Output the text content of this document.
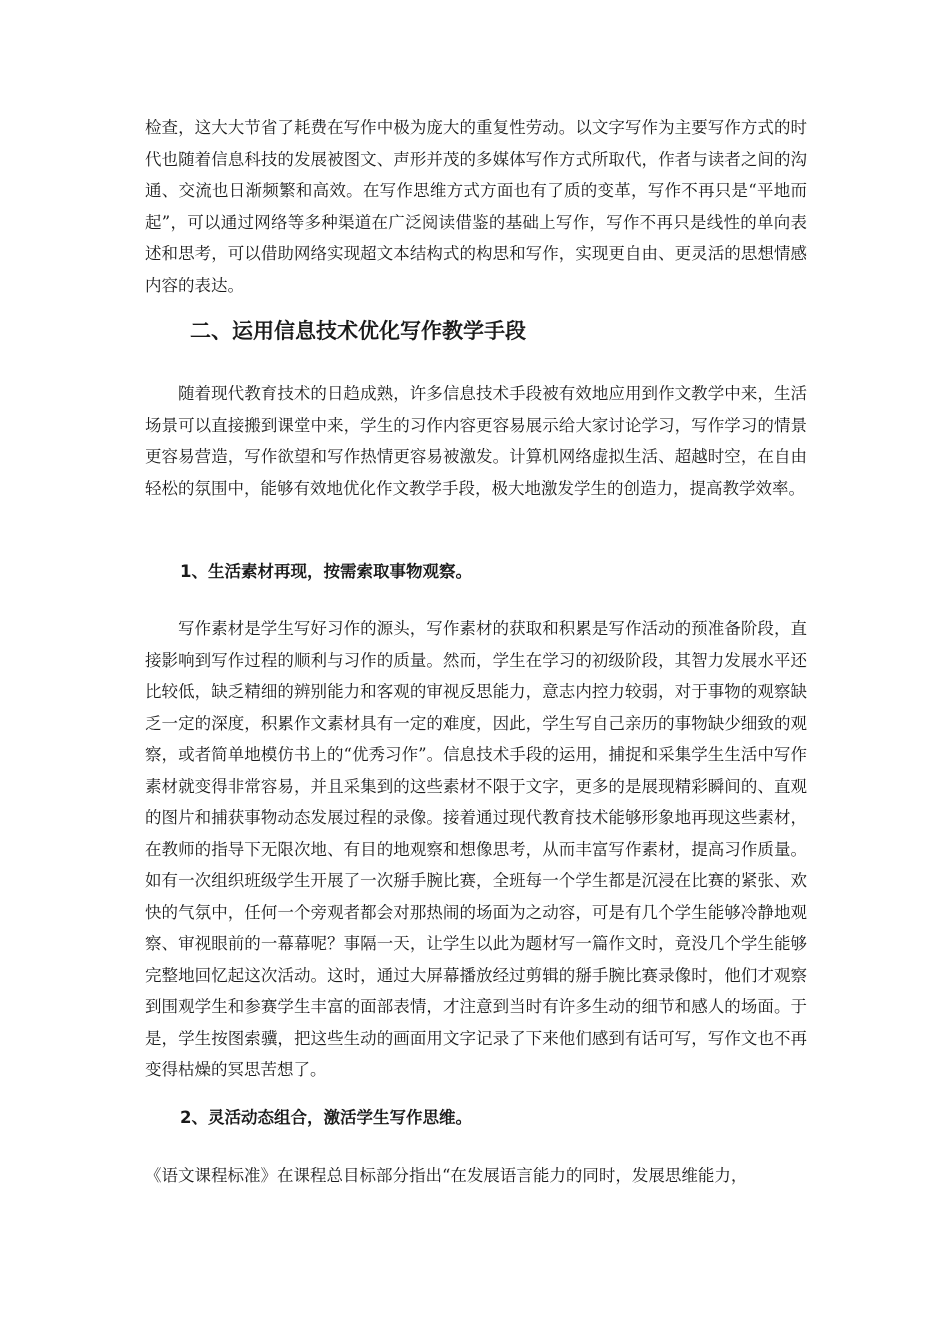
检查，这大大节省了耗费在写作中极为庞大的重复性劳动。以文字写作为主要写作方式的时代也随着信息科技的发展被图文、声形并茂的多媒体写作方式所取代，作者与读者之间的沟通、交流也日渐频繁和高效。在写作思维方式方面也有了质的变革，写作不再只是“平地而起”，可以通过网络等多种渠道在广泛阅读借鉴的基础上写作，写作不再只是线性的单向表述和思考，可以借助网络实现超文本结构式的构思和写作，实现更自由、更灵活的思想情感内容的表达。

二、运用信息技术优化写作教学手段

随着现代教育技术的日趋成熟，许多信息技术手段被有效地应用到作文教学中来，生活场景可以直接搬到课堂中来，学生的习作内容更容易展示给大家讨论学习，写作学习的情景更容易营造，写作欲望和写作热情更容易被激发。计算机网络虚拟生活、超越时空，在自由轻松的氛围中，能够有效地优化作文教学手段，极大地激发学生的创造力，提高教学效率。

1、生活素材再现，按需索取事物观察。

写作素材是学生写好习作的源头，写作素材的获取和积累是写作活动的预准备阶段，直接影响到写作过程的顺利与习作的质量。然而，学生在学习的初级阶段，其智力发展水平还比较低，缺乏精细的辨别能力和客观的审视反思能力，意志内控力较弱，对于事物的观察缺乏一定的深度，积累作文素材具有一定的难度，因此，学生写自己亲历的事物缺少细致的观察，或者简单地模仿书上的“优秀习作”。信息技术手段的运用，捕捉和采集学生生活中写作素材就变得非常容易，并且采集到的这些素材不限于文字，更多的是展现精彩瞬间的、直观的图片和捕获事物动态发展过程的录像。接着通过现代教育技术能够形象地再现这些素材，在教师的指导下无限次地、有目的地观察和想像思考，从而丰富写作素材，提高习作质量。如有一次组织班级学生开展了一次掰手腕比赛，全班每一个学生都是沉浸在比赛的紧张、欢快的气氛中，任何一个旁观者都会对那热闹的场面为之动容，可是有几个学生能够冷静地观察、审视眼前的一幕幕呢？事隔一天，让学生以此为题材写一篇作文时，竟没几个学生能够完整地回忆起这次活动。这时，通过大屏幕播放经过剪辑的掰手腕比赛录像时，他们才观察到围观学生和参赛学生丰富的面部表情，才注意到当时有许多生动的细节和感人的场面。于是，学生按图索骥，把这些生动的画面用文字记录了下来他们感到有话可写，写作文也不再变得枯燥的冥思苦想了。

2、灵活动态组合，激活学生写作思维。

《语文课程标准》在课程总目标部分指出“在发展语言能力的同时，发展思维能力，
